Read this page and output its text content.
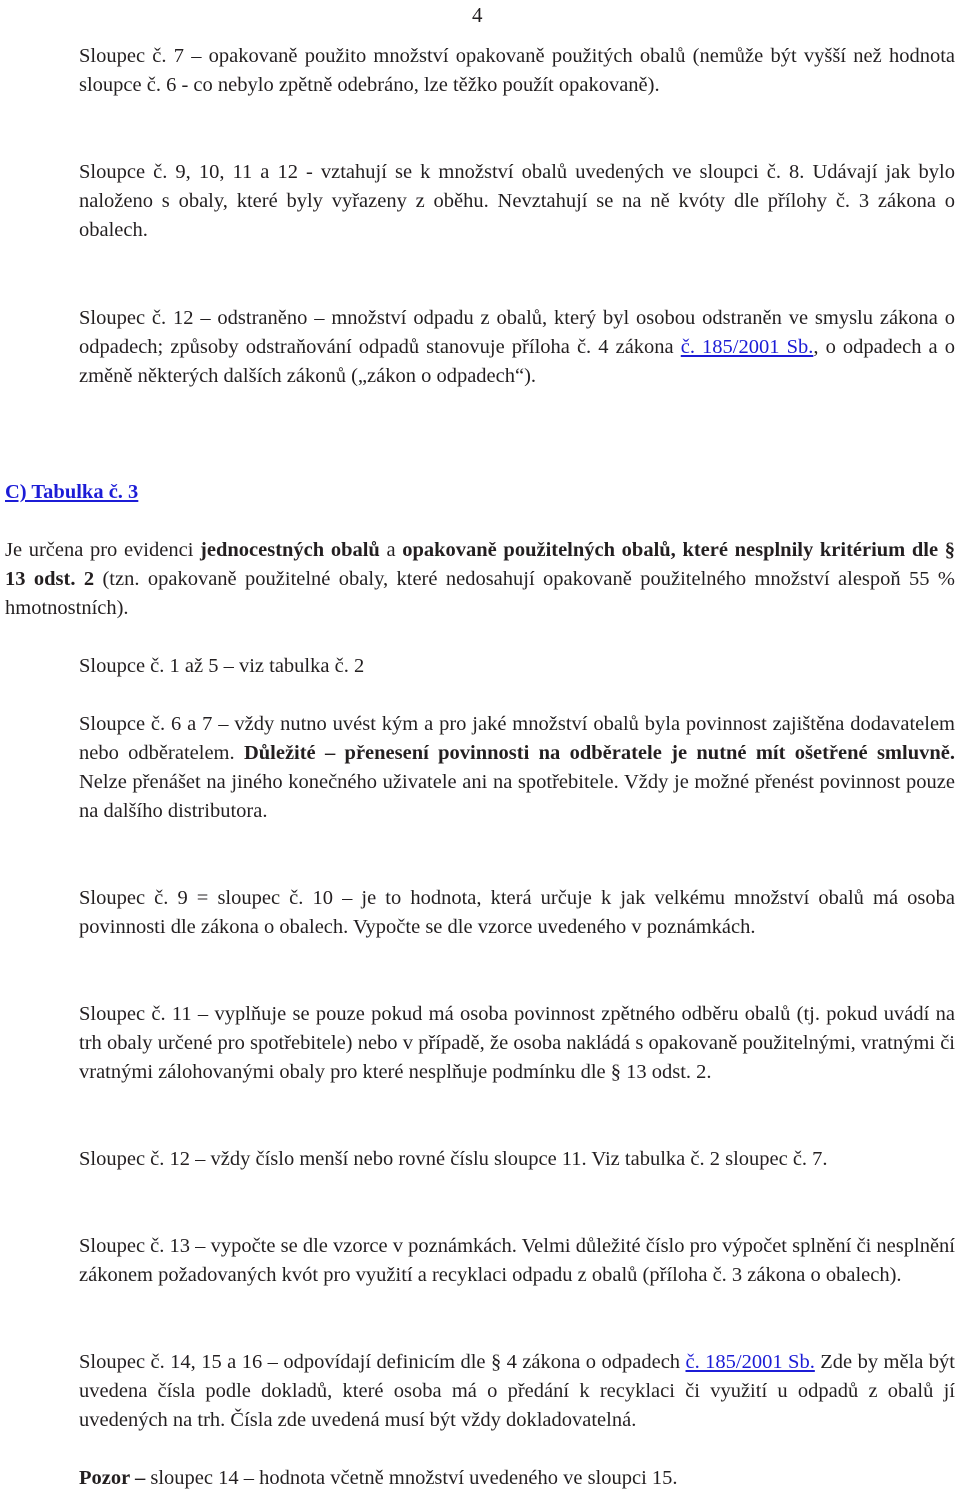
4

Sloupec č. 7 – opakovaně použito množství opakovaně použitých obalů (nemůže být vyšší než hodnota sloupce č. 6 - co nebylo zpětně odebráno, lze těžko použít opakovaně).

Sloupce č. 9, 10, 11 a 12 - vztahují se k množství obalů uvedených ve sloupci č. 8. Udávají jak bylo naloženo s obaly, které byly vyřazeny z oběhu. Nevztahují se na ně kvóty dle přílohy č. 3 zákona o obalech.

Sloupec č. 12 – odstraněno – množství odpadu z obalů, který byl osobou odstraněn ve smyslu zákona o odpadech; způsoby odstraňování odpadů stanovuje příloha č. 4 zákona č. 185/2001 Sb., o odpadech a o změně některých dalších zákonů („zákon o odpadech“).

C) Tabulka č. 3

Je určena pro evidenci jednocestných obalů a opakovaně použitelných obalů, které nesplnily kritérium dle § 13 odst. 2 (tzn. opakovaně použitelné obaly, které nedosahují opakovaně použitelného množství alespoň 55 % hmotnostních).

Sloupce č. 1 až 5 – viz tabulka č. 2

Sloupce č. 6 a 7 – vždy nutno uvést kým a pro jaké množství obalů byla povinnost zajištěna dodavatelem nebo odběratelem. Důležité – přenesení povinnosti na odběratele je nutné mít ošetřené smluvně. Nelze přenášet na jiného konečného uživatele ani na spotřebitele. Vždy je možné přenést povinnost pouze na dalšího distributora.

Sloupec č. 9 = sloupec č. 10 – je to hodnota, která určuje k jak velkému množství obalů má osoba povinnosti dle zákona o obalech. Vypočte se dle vzorce uvedeného v poznámkách.

Sloupec č. 11 – vyplňuje se pouze pokud má osoba povinnost zpětného odběru obalů (tj. pokud uvádí na trh obaly určené pro spotřebitele) nebo v případě, že osoba nakládá s opakovaně použitelnými, vratnými či vratnými zálohovanými obaly pro které nesplňuje podmínku dle § 13 odst. 2.

Sloupec č. 12 – vždy číslo menší nebo rovné číslu sloupce 11. Viz tabulka č. 2 sloupec č. 7.

Sloupec č. 13 – vypočte se dle vzorce v poznámkách. Velmi důležité číslo pro výpočet splnění či nesplnění zákonem požadovaných kvót pro využití a recyklaci odpadu z obalů (příloha č. 3 zákona o obalech).

Sloupec č. 14, 15 a 16 – odpovídají definicím dle § 4 zákona o odpadech č. 185/2001 Sb. Zde by měla být uvedena čísla podle dokladů, které osoba má o předání k recyklaci či využití u odpadů z obalů jí uvedených na trh. Čísla zde uvedená musí být vždy dokladovatelná.

Pozor – sloupec 14 – hodnota včetně množství uvedeného ve sloupci 15.
